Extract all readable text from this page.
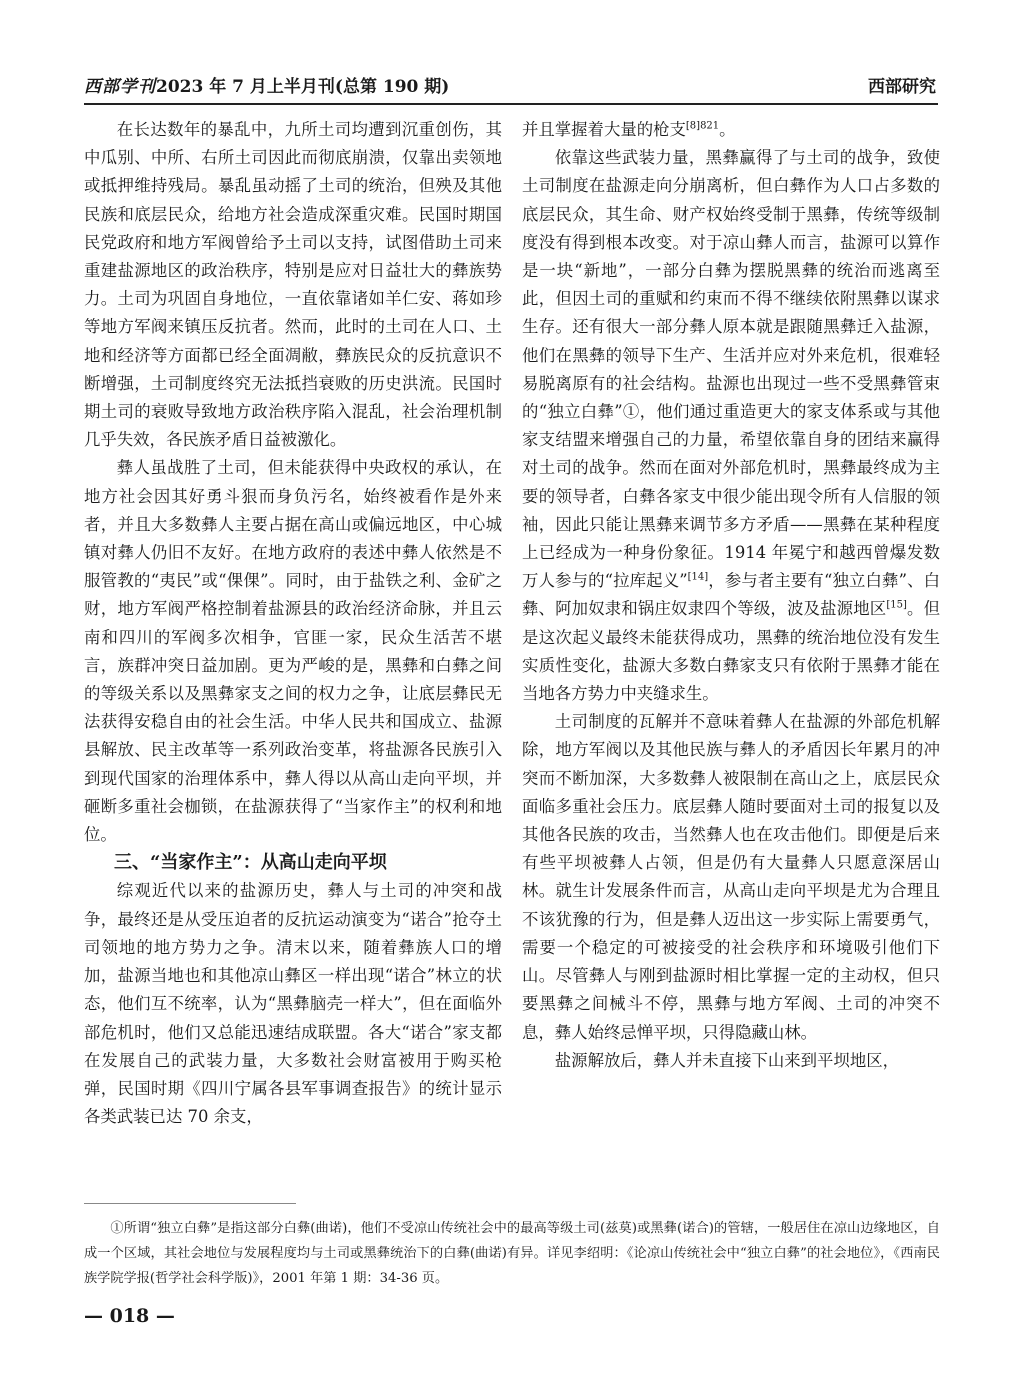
西部学刊2023 年 7 月上半月刊(总第 190 期)	西部研究

在长达数年的暴乱中，九所土司均遭到沉重创伤，其中瓜别、中所、右所土司因此而彻底崩溃，仅靠出卖领地或抵押维持残局。暴乱虽动摇了土司的统治，但殃及其他民族和底层民众，给地方社会造成深重灾难。民国时期国民党政府和地方军阀曾给予土司以支持，试图借助土司来重建盐源地区的政治秩序，特别是应对日益壮大的彝族势力。土司为巩固自身地位，一直依靠诸如羊仁安、蒋如珍等地方军阀来镇压反抗者。然而，此时的土司在人口、土地和经济等方面都已经全面凋敝，彝族民众的反抗意识不断增强，土司制度终究无法抵挡衰败的历史洪流。民国时期土司的衰败导致地方政治秩序陷入混乱，社会治理机制几乎失效，各民族矛盾日益被激化。

彝人虽战胜了土司，但未能获得中央政权的承认，在地方社会因其好勇斗狠而身负污名，始终被看作是外来者，并且大多数彝人主要占据在高山或偏远地区，中心城镇对彝人仍旧不友好。在地方政府的表述中彝人依然是不服管教的“夷民”或“倮倮”。同时，由于盐铁之利、金矿之财，地方军阀严格控制着盐源县的政治经济命脉，并且云南和四川的军阀多次相争，官匪一家，民众生活苦不堪言，族群冲突日益加剧。更为严峻的是，黑彝和白彝之间的等级关系以及黑彝家支之间的权力之争，让底层彝民无法获得安稳自由的社会生活。中华人民共和国成立、盐源县解放、民主改革等一系列政治变革，将盐源各民族引入到现代国家的治理体系中，彝人得以从高山走向平坝，并砸断多重社会枷锁，在盐源获得了“当家作主”的权利和地位。

三、“当家作主”：从高山走向平坝

综观近代以来的盐源历史，彝人与土司的冲突和战争，最终还是从受压迫者的反抗运动演变为“诺合”抢夺土司领地的地方势力之争。清末以来，随着彝族人口的增加，盐源当地也和其他凉山彝区一样出现“诺合”林立的状态，他们互不统率，认为“黑彝脑壳一样大”，但在面临外部危机时，他们又总能迅速结成联盟。各大“诺合”家支都在发展自己的武装力量，大多数社会财富被用于购买枪弹，民国时期《四川宁属各县军事调查报告》的统计显示各类武装已达 70 余支，

并且掌握着大量的枪支$^{[8]821}$。

依靠这些武装力量，黑彝赢得了与土司的战争，致使土司制度在盐源走向分崩离析，但白彝作为人口占多数的底层民众，其生命、财产权始终受制于黑彝，传统等级制度没有得到根本改变。对于凉山彝人而言，盐源可以算作是一块“新地”，一部分白彝为摆脱黑彝的统治而逃离至此，但因土司的重赋和约束而不得不继续依附黑彝以谋求生存。还有很大一部分彝人原本就是跟随黑彝迁入盐源，他们在黑彝的领导下生产、生活并应对外来危机，很难轻易脱离原有的社会结构。盐源也出现过一些不受黑彝管束的“独立白彝”①，他们通过重造更大的家支体系或与其他家支结盟来增强自己的力量，希望依靠自身的团结来赢得对土司的战争。然而在面对外部危机时，黑彝最终成为主要的领导者，白彝各家支中很少能出现令所有人信服的领袖，因此只能让黑彝来调节多方矛盾——黑彝在某种程度上已经成为一种身份象征。1914 年冕宁和越西曾爆发数万人参与的“拉库起义”[14]，参与者主要有“独立白彝”、白彝、阿加奴隶和锅庄奴隶四个等级，波及盐源地区[15]。但是这次起义最终未能获得成功，黑彝的统治地位没有发生实质性变化，盐源大多数白彝家支只有依附于黑彝才能在当地各方势力中夹缝求生。

土司制度的瓦解并不意味着彝人在盐源的外部危机解除，地方军阀以及其他民族与彝人的矛盾因长年累月的冲突而不断加深，大多数彝人被限制在高山之上，底层民众面临多重社会压力。底层彝人随时要面对土司的报复以及其他各民族的攻击，当然彝人也在攻击他们。即便是后来有些平坝被彝人占领，但是仍有大量彝人只愿意深居山林。就生计发展条件而言，从高山走向平坝是尤为合理且不该犹豫的行为，但是彝人迈出这一步实际上需要勇气，需要一个稳定的可被接受的社会秩序和环境吸引他们下山。尽管彝人与刚到盐源时相比掌握一定的主动权，但只要黑彝之间械斗不停，黑彝与地方军阀、土司的冲突不息，彝人始终忌惮平坝，只得隐藏山林。

盐源解放后，彝人并未直接下山来到平坝地区，

①所谓“独立白彝”是指这部分白彝(曲诺)，他们不受凉山传统社会中的最高等级土司(兹莫)或黑彝(诺合)的管辖，一般居住在凉山边缘地区，自成一个区域，其社会地位与发展程度均与土司或黑彝统治下的白彝(曲诺)有异。详见李绍明：《论凉山传统社会中“独立白彝”的社会地位》，《西南民族学院学报(哲学社会科学版)》，2001 年第 1 期：34-36 页。
— 018 —
